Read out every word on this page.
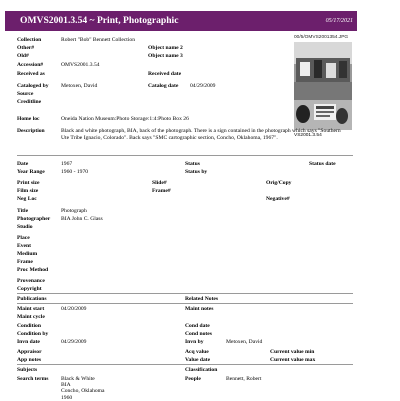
OMVS2001.3.54 ~ Print, Photographic	05/17/2021
00/5/OMVS2001354.JPG
VS2001.3.54
Collection	Robert "Bob" Bennett Collection
Other#	Object name 2
Old#	Object name 3
Accession#	OMVS2001.3.54
Received as	Received date
Cataloged by Metoxen, David	Catalog date 04/29/2009
Source
Creditline
Home loc	Oneida Nation Museum:Photo Storage:1:4:Photo Box 26
Description	Black and white photograph, BIA, back of the photograph. There is a sign contained in the photograph which says "Southern Ute Tribe Ignacio, Colorado". Back says "SMC cartographic section, Concho, Oklahoma, 1967".
Date	1967	Status	Status date
Year Range	1960 - 1970	Status by
Print size	Slide#	Orig/Copy
Film size	Frame#
Neg Loc	Negative#
Title	Photograph
Photographer BIA John C. Glass
Studio
Place
Event
Medium
Frame
Proc Method
Provenance
Copyright
Publications	Related Notes
Maint start	04/20/2009	Maint notes
Maint cycle
Condition	Cond date
Condition by	Cond notes
Invn date	04/29/2009	Invn by	Metoxen, David
Appraisor	Acq value	Current value min
App notes	Value date	Current value max
Subjects	Classification
Search terms Black & White
BIA
Concho, Oklahoma
1960
People	Bennett, Robert
